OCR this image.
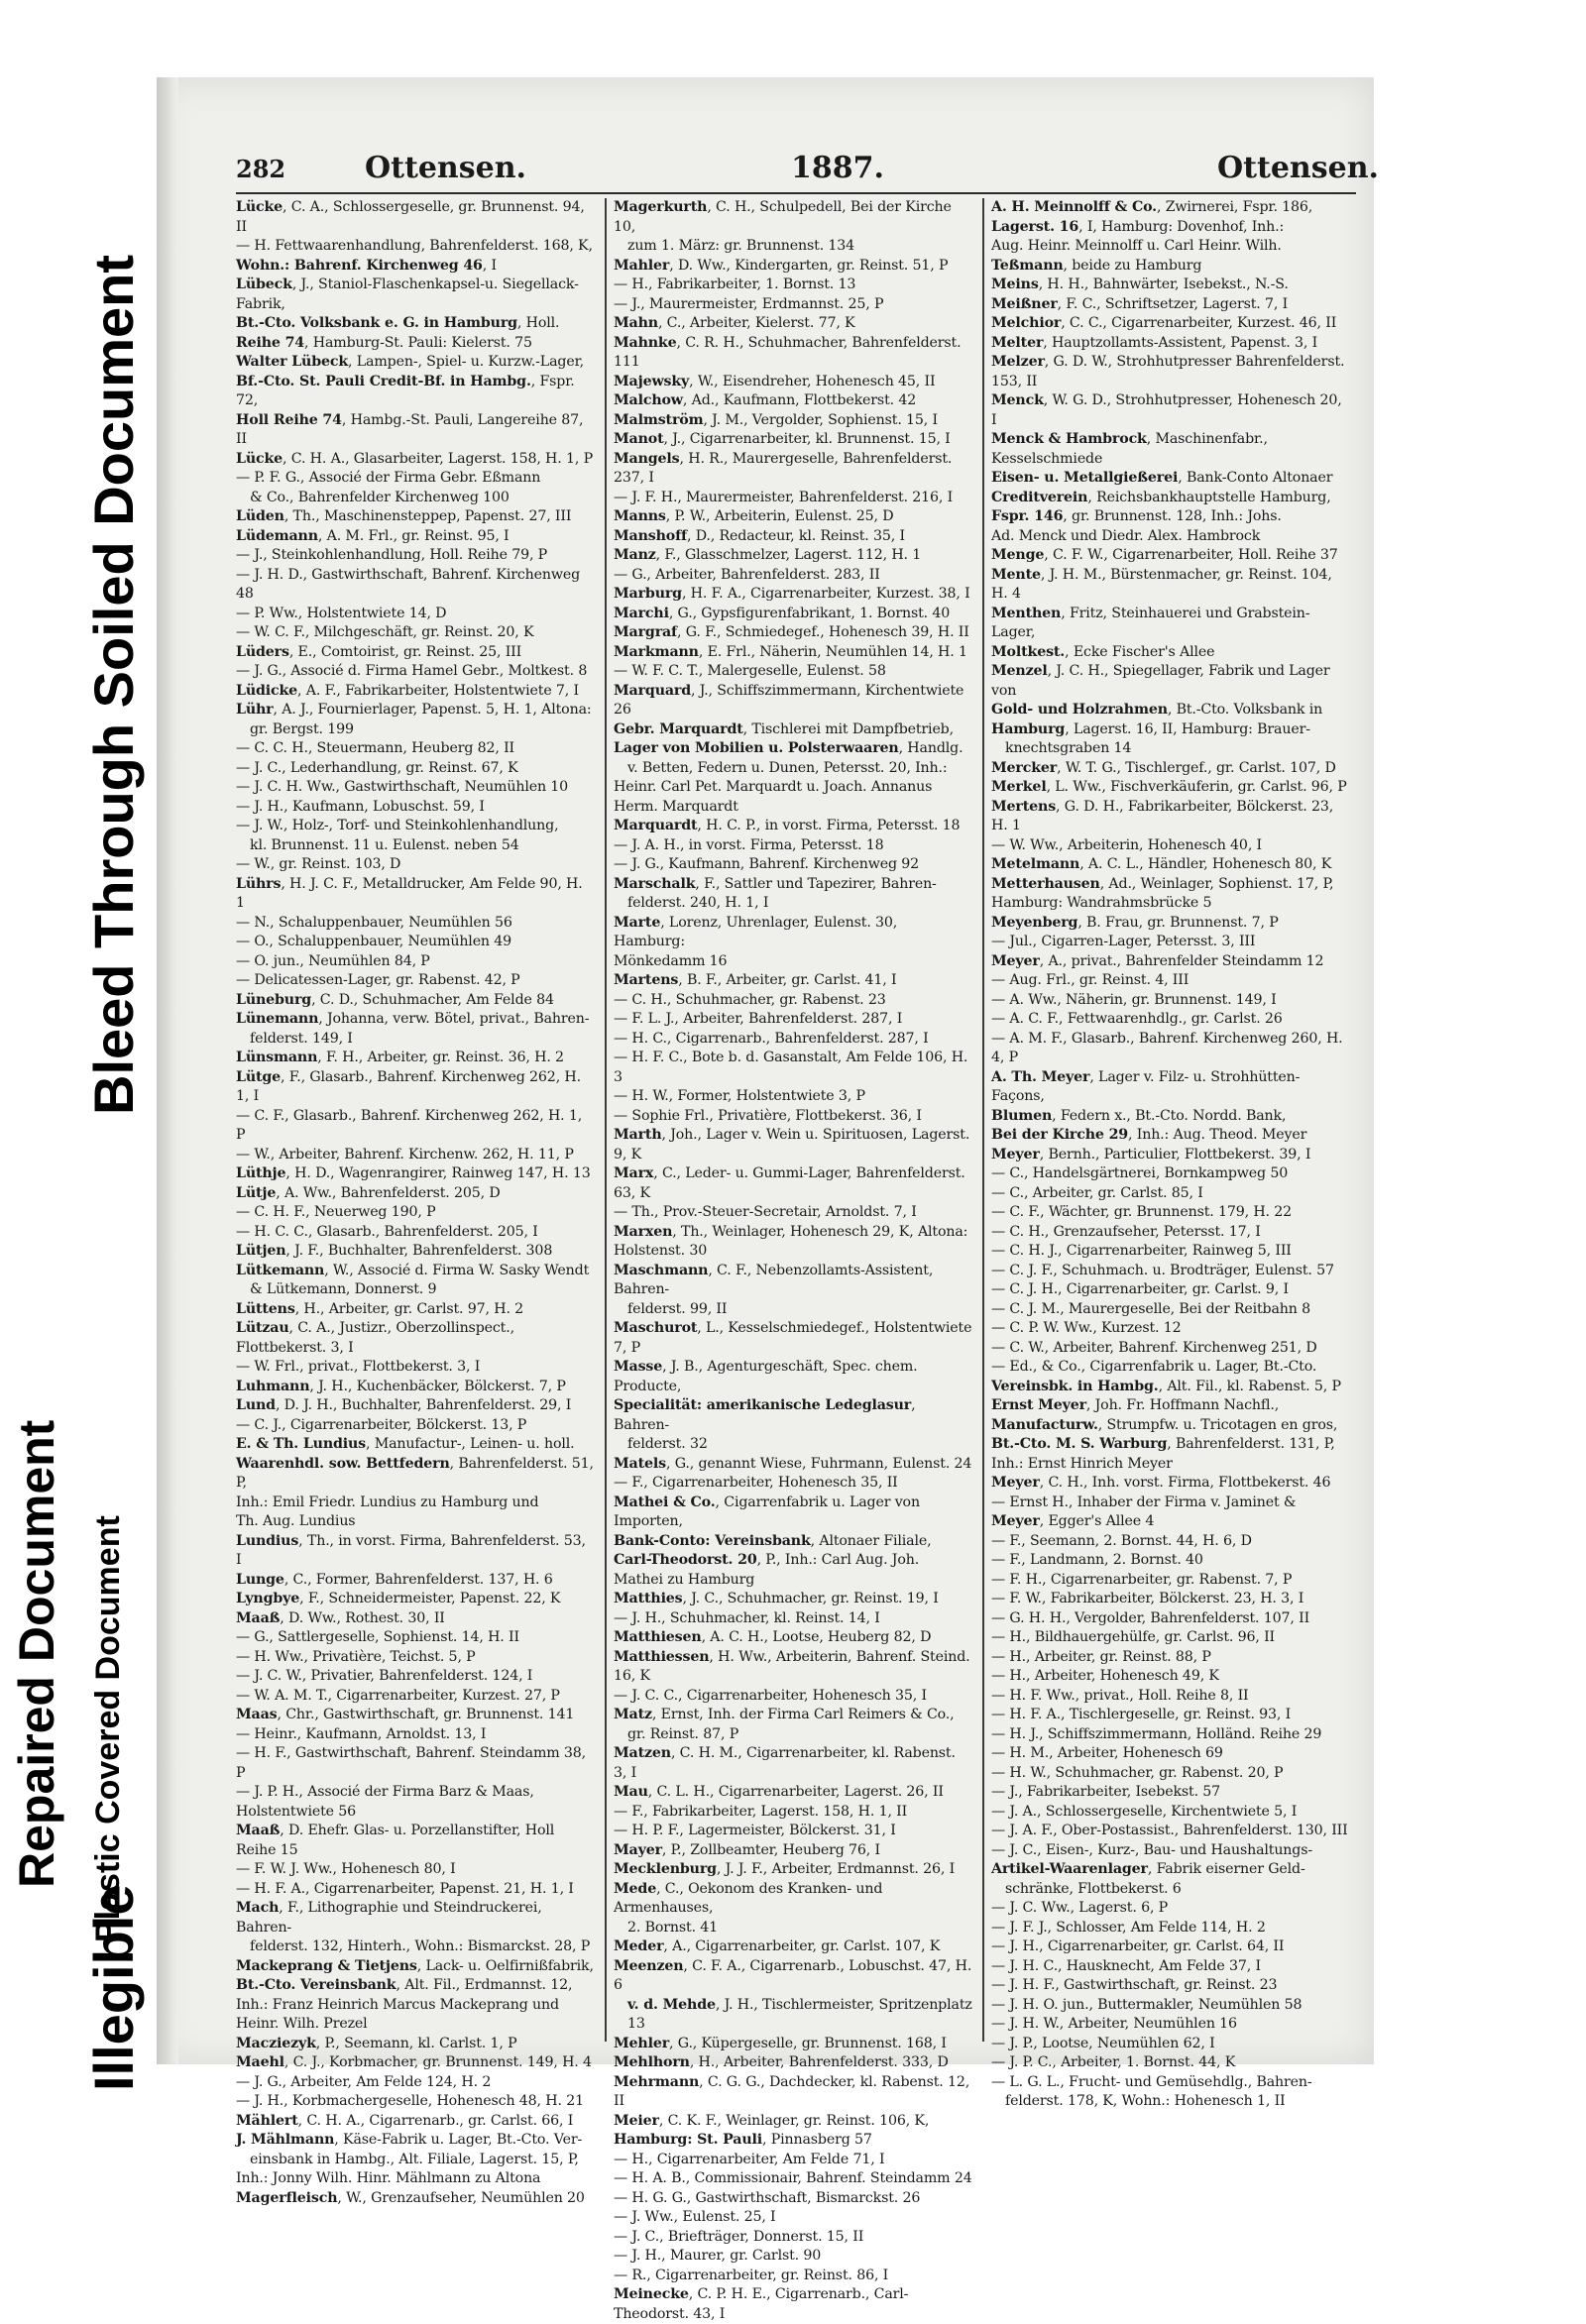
Repaired Document Plastic Covered Document
Illegible
Bleed Through Soiled Document
282	Ottensen.	1887.	Ottensen.

Lücke, C. A., Schlossergeselle, gr. Brunnenst. 94, II

— H. Fettwaarenhandlung, Bahrenfelderst. 168, K,

Wohn.: Bahrenf. Kirchenweg 46, I

Lübeck, J., Staniol-Flaschenkapsel-u. Siegellack-Fabrik,

Bt.-Cto. Volksbank e. G. in Hamburg, Holl.

Reihe 74, Hamburg-St. Pauli: Kielerst. 75

Walter Lübeck, Lampen-, Spiel- u. Kurzw.-Lager,

Bf.-Cto. St. Pauli Credit-Bf. in Hambg., Fspr. 72,

Holl Reihe 74, Hambg.-St. Pauli, Langereihe 87, II

Lücke, C. H. A., Glasarbeiter, Lagerst. 158, H. 1, P

— P. F. G., Associé der Firma Gebr. Eßmann

& Co., Bahrenfelder Kirchenweg 100

Lüden, Th., Maschinensteppер, Papenst. 27, III

Lüdemann, A. M. Frl., gr. Reinst. 95, I

— J., Steinkohlenhandlung, Holl. Reihe 79, P

— J. H. D., Gastwirthschaft, Bahrenf. Kirchenweg 48

— P. Ww., Holstentwiete 14, D

— W. C. F., Milchgeschäft, gr. Reinst. 20, K

Lüders, E., Comtoirist, gr. Reinst. 25, III

— J. G., Associé d. Firma Hamel Gebr., Moltkest. 8

Lüdicke, A. F., Fabrikarbeiter, Holstentwiete 7, I

Lühr, A. J., Fournierlager, Papenst. 5, H. 1, Altona:

gr. Bergst. 199

— C. C. H., Steuermann, Heuberg 82, II

— J. C., Lederhandlung, gr. Reinst. 67, K

— J. C. H. Ww., Gastwirthschaft, Neumühlen 10

— J. H., Kaufmann, Lobuschst. 59, I

— J. W., Holz-, Torf- und Steinkohlenhandlung,

kl. Brunnenst. 11 u. Eulenst. neben 54

— W., gr. Reinst. 103, D

Lührs, H. J. C. F., Metalldrucker, Am Felde 90, H. 1

— N., Schaluppenbauer, Neumühlen 56

— O., Schaluppenbauer, Neumühlen 49

— O. jun., Neumühlen 84, P

— Delicatessen-Lager, gr. Rabenst. 42, P

Lüneburg, C. D., Schuhmacher, Am Felde 84

Lünemann, Johanna, verw. Bötel, privat., Bahren-

felderst. 149, I

Lünsmann, F. H., Arbeiter, gr. Reinst. 36, H. 2

Lütge, F., Glasarb., Bahrenf. Kirchenweg 262, H. 1, I

— C. F., Glasarb., Bahrenf. Kirchenweg 262, H. 1, P

— W., Arbeiter, Bahrenf. Kirchenw. 262, H. 11, P

Lüthje, H. D., Wagenrangirer, Rainweg 147, H. 13

Lütje, A. Ww., Bahrenfelderst. 205, D

— C. H. F., Neuerweg 190, P

— H. C. C., Glasarb., Bahrenfelderst. 205, I

Lütjen, J. F., Buchhalter, Bahrenfelderst. 308

Lütkemann, W., Associé d. Firma W. Sasky Wendt

& Lütkemann, Donnerst. 9

Lüttens, H., Arbeiter, gr. Carlst. 97, H. 2

Lützau, C. A., Justizr., Oberzollinspect., Flottbekerst. 3, I

— W. Frl., privat., Flottbekerst. 3, I

Luhmann, J. H., Kuchenbäcker, Bölckerst. 7, P

Lund, D. J. H., Buchhalter, Bahrenfelderst. 29, I

— C. J., Cigarrenarbeiter, Bölckerst. 13, P

E. & Th. Lundius, Manufactur-, Leinen- u. holl.

Waarenhdl. sow. Bettfedern, Bahrenfelderst. 51, P,

Inh.: Emil Friedr. Lundius zu Hamburg und

Th. Aug. Lundius

Lundius, Th., in vorst. Firma, Bahrenfelderst. 53, I

Lunge, C., Former, Bahrenfelderst. 137, H. 6

Lyngbye, F., Schneidermeister, Papenst. 22, K

Maaß, D. Ww., Rothest. 30, II

— G., Sattlergeselle, Sophienst. 14, H. II

— H. Ww., Privatière, Teichst. 5, P

— J. C. W., Privatier, Bahrenfelderst. 124, I

— W. A. M. T., Cigarrenarbeiter, Kurzest. 27, P

Maas, Chr., Gastwirthschaft, gr. Brunnenst. 141

— Heinr., Kaufmann, Arnoldst. 13, I

— H. F., Gastwirthschaft, Bahrenf. Steindamm 38, P

— J. P. H., Associé der Firma Barz & Maas,

Holstentwiete 56

Maaß, D. Ehefr. Glas- u. Porzellanstifter, Holl Reihe 15

— F. W. J. Ww., Hohenesch 80, I

— H. F. A., Cigarrenarbeiter, Papenst. 21, H. 1, I

Mach, F., Lithographie und Steindruckerei, Bahren-

felderst. 132, Hinterh., Wohn.: Bismarckst. 28, P

Mackeprang & Tietjens, Lack- u. Oelfirnißfabrik,

Bt.-Cto. Vereinsbank, Alt. Fil., Erdmannst. 12,

Inh.: Franz Heinrich Marcus Mackeprang und

Heinr. Wilh. Prezel

Macziezyk, P., Seemann, kl. Carlst. 1, P

Maehl, C. J., Korbmacher, gr. Brunnenst. 149, H. 4

— J. G., Arbeiter, Am Felde 124, H. 2

— J. H., Korbmachergeselle, Hohenesch 48, H. 21

Mählert, C. H. A., Cigarrenarb., gr. Carlst. 66, I

J. Mählmann, Käse-Fabrik u. Lager, Bt.-Cto. Ver-

einsbank in Hambg., Alt. Filiale, Lagerst. 15, P,

Inh.: Jonny Wilh. Hinr. Mählmann zu Altona

Magerfleisch, W., Grenzaufseher, Neumühlen 20

Magerkurth, C. H., Schulpedell, Bei der Kirche 10,

zum 1. März: gr. Brunnenst. 134

Mahler, D. Ww., Kindergarten, gr. Reinst. 51, P

— H., Fabrikarbeiter, 1. Bornst. 13

— J., Maurermeister, Erdmannst. 25, P

Mahn, C., Arbeiter, Kielerst. 77, K

Mahnke, C. R. H., Schuhmacher, Bahrenfelderst. 111

Majewsky, W., Eisendreher, Hohenesch 45, II

Malchow, Ad., Kaufmann, Flottbekerst. 42

Malmström, J. M., Vergolder, Sophienst. 15, I

Manot, J., Cigarrenarbeiter, kl. Brunnenst. 15, I

Mangels, H. R., Maurergeselle, Bahrenfelderst. 237, I

— J. F. H., Maurermeister, Bahrenfelderst. 216, I

Manns, P. W., Arbeiterin, Eulenst. 25, D

Manshoff, D., Redacteur, kl. Reinst. 35, I

Manz, F., Glasschmelzer, Lagerst. 112, H. 1

— G., Arbeiter, Bahrenfelderst. 283, II

Marburg, H. F. A., Cigarrenarbeiter, Kurzest. 38, I

Marchi, G., Gypsfigurenfabrikant, 1. Bornst. 40

Margraf, G. F., Schmiedegef., Hohenesch 39, H. II

Markmann, E. Frl., Näherin, Neumühlen 14, H. 1

— W. F. C. T., Malergeselle, Eulenst. 58

Marquard, J., Schiffszimmermann, Kirchentwiete 26

Gebr. Marquardt, Tischlerei mit Dampfbetrieb,

Lager von Mobilien u. Polsterwaaren, Handlg.

v. Betten, Federn u. Dunen, Petersst. 20, Inh.:

Heinr. Carl Pet. Marquardt u. Joach. Annanus

Herm. Marquardt

Marquardt, H. C. P., in vorst. Firma, Petersst. 18

— J. A. H., in vorst. Firma, Petersst. 18

— J. G., Kaufmann, Bahrenf. Kirchenweg 92

Marschalk, F., Sattler und Tapezirer, Bahren-

felderst. 240, H. 1, I

Marte, Lorenz, Uhrenlager, Eulenst. 30, Hamburg:

Mönkedamm 16

Martens, B. F., Arbeiter, gr. Carlst. 41, I

— C. H., Schuhmacher, gr. Rabenst. 23

— F. L. J., Arbeiter, Bahrenfelderst. 287, I

— H. C., Cigarrenarb., Bahrenfelderst. 287, I

— H. F. C., Bote b. d. Gasanstalt, Am Felde 106, H. 3

— H. W., Former, Holstentwiete 3, P

— Sophie Frl., Privatière, Flottbekerst. 36, I

Marth, Joh., Lager v. Wein u. Spirituosen, Lagerst. 9, K

Marx, C., Leder- u. Gummi-Lager, Bahrenfelderst. 63, K

— Th., Prov.-Steuer-Secretair, Arnoldst. 7, I

Marxen, Th., Weinlager, Hohenesch 29, K, Altona:

Holstenst. 30

Maschmann, C. F., Nebenzollamts-Assistent, Bahren-

felderst. 99, II

Maschurot, L., Kesselschmiedegef., Holstentwiete 7, P

Masse, J. B., Agenturgeschäft, Spec. chem. Producte,

Specialität: amerikanische Ledeglasur, Bahren-

felderst. 32

Matels, G., genannt Wiese, Fuhrmann, Eulenst. 24

— F., Cigarrenarbeiter, Hohenesch 35, II

Mathei & Co., Cigarrenfabrik u. Lager von Importen,

Bank-Conto: Vereinsbank, Altonaer Filiale,

Carl-Theodorst. 20, P., Inh.: Carl Aug. Joh.

Mathei zu Hamburg

Matthies, J. C., Schuhmacher, gr. Reinst. 19, I

— J. H., Schuhmacher, kl. Reinst. 14, I

Matthiesen, A. C. H., Lootse, Heuberg 82, D

Matthiessen, H. Ww., Arbeiterin, Bahrenf. Steind. 16, K

— J. C. C., Cigarrenarbeiter, Hohenesch 35, I

Matz, Ernst, Inh. der Firma Carl Reimers & Co.,

gr. Reinst. 87, P

Matzen, C. H. M., Cigarrenarbeiter, kl. Rabenst. 3, I

Mau, C. L. H., Cigarrenarbeiter, Lagerst. 26, II

— F., Fabrikarbeiter, Lagerst. 158, H. 1, II

— H. P. F., Lagermeister, Bölckerst. 31, I

Mayer, P., Zollbeamter, Heuberg 76, I

Mecklenburg, J. J. F., Arbeiter, Erdmannst. 26, I

Mede, C., Oekonom des Kranken- und Armenhauses,

2. Bornst. 41

Meder, A., Cigarrenarbeiter, gr. Carlst. 107, K

Meenzen, C. F. A., Cigarrenarb., Lobuschst. 47, H. 6

v. d. Mehde, J. H., Tischlermeister, Spritzenplatz 13

Mehler, G., Küpergeselle, gr. Brunnenst. 168, I

Mehlhorn, H., Arbeiter, Bahrenfelderst. 333, D

Mehrmann, C. G. G., Dachdecker, kl. Rabenst. 12, II

Meier, C. K. F., Weinlager, gr. Reinst. 106, K,

Hamburg: St. Pauli, Pinnasberg 57

— H., Cigarrenarbeiter, Am Felde 71, I

— H. A. B., Commissionair, Bahrenf. Steindamm 24

— H. G. G., Gastwirthschaft, Bismarckst. 26

— J. Ww., Eulenst. 25, I

— J. C., Briefträger, Donnerst. 15, II

— J. H., Maurer, gr. Carlst. 90

— R., Cigarrenarbeiter, gr. Reinst. 86, I

Meinecke, C. P. H. E., Cigarrenarb., Carl-Theodorst. 43, I

A. H. Meinnolff & Co., Zwirnerei, Fspr. 186,

Lagerst. 16, I, Hamburg: Dovenhof, Inh.:

Aug. Heinr. Meinnolff u. Carl Heinr. Wilh.

Teßmann, beide zu Hamburg

Meins, H. H., Bahnwärter, Isebekst., N.-S.

Meißner, F. C., Schriftsetzer, Lagerst. 7, I

Melchior, C. C., Cigarrenarbeiter, Kurzest. 46, II

Melter, Hauptzollamts-Assistent, Papenst. 3, I

Melzer, G. D. W., Strohhutpresser Bahrenfelderst. 153, II

Menck, W. G. D., Strohhutpresser, Hohenesch 20, I

Menck & Hambrock, Maschinenfabr., Kesselschmiede

Eisen- u. Metallgießerei, Bank-Conto Altonaer

Creditverein, Reichsbankhauptstelle Hamburg,

Fspr. 146, gr. Brunnenst. 128, Inh.: Johs.

Ad. Menck und Diedr. Alex. Hambrock

Menge, C. F. W., Cigarrenarbeiter, Holl. Reihe 37

Mente, J. H. M., Bürstenmacher, gr. Reinst. 104, H. 4

Menthen, Fritz, Steinhauerei und Grabstein-Lager,

Moltkest., Ecke Fischer's Allee

Menzel, J. C. H., Spiegellager, Fabrik und Lager von

Gold- und Holzrahmen, Bt.-Cto. Volksbank in

Hamburg, Lagerst. 16, II, Hamburg: Brauer-

knechtsgraben 14

Mercker, W. T. G., Tischlergef., gr. Carlst. 107, D

Merkel, L. Ww., Fischverkäuferin, gr. Carlst. 96, P

Mertens, G. D. H., Fabrikarbeiter, Bölckerst. 23, H. 1

— W. Ww., Arbeiterin, Hohenesch 40, I

Metelmann, A. C. L., Händler, Hohenesch 80, K

Metterhausen, Ad., Weinlager, Sophienst. 17, P,

Hamburg: Wandrahmsbrücke 5

Meyenberg, B. Frau, gr. Brunnenst. 7, P

— Jul., Cigarren-Lager, Petersst. 3, III

Meyer, A., privat., Bahrenfelder Steindamm 12

— Aug. Frl., gr. Reinst. 4, III

— A. Ww., Näherin, gr. Brunnenst. 149, I

— A. C. F., Fettwaarenhdlg., gr. Carlst. 26

— A. M. F., Glasarb., Bahrenf. Kirchenweg 260, H. 4, P

A. Th. Meyer, Lager v. Filz- u. Strohhütten-Façons,

Blumen, Federn x., Bt.-Cto. Nordd. Bank,

Bei der Kirche 29, Inh.: Aug. Theod. Meyer

Meyer, Bernh., Particulier, Flottbekerst. 39, I

— C., Handelsgärtnerei, Bornkampweg 50

— C., Arbeiter, gr. Carlst. 85, I

— C. F., Wächter, gr. Brunnenst. 179, H. 22

— C. H., Grenzaufseher, Petersst. 17, I

— C. H. J., Cigarrenarbeiter, Rainweg 5, III

— C. J. F., Schuhmach. u. Brodträger, Eulenst. 57

— C. J. H., Cigarrenarbeiter, gr. Carlst. 9, I

— C. J. M., Maurergeselle, Bei der Reitbahn 8

— C. P. W. Ww., Kurzest. 12

— C. W., Arbeiter, Bahrenf. Kirchenweg 251, D

— Ed., & Co., Cigarrenfabrik u. Lager, Bt.-Cto.

Vereinsbk. in Hambg., Alt. Fil., kl. Rabenst. 5, P

Ernst Meyer, Joh. Fr. Hoffmann Nachfl.,

Manufacturw., Strumpfw. u. Tricotagen en gros,

Bt.-Cto. M. S. Warburg, Bahrenfelderst. 131, P,

Inh.: Ernst Hinrich Meyer

Meyer, C. H., Inh. vorst. Firma, Flottbekerst. 46

— Ernst H., Inhaber der Firma v. Jaminet &

Meyer, Egger's Allee 4

— F., Seemann, 2. Bornst. 44, H. 6, D

— F., Landmann, 2. Bornst. 40

— F. H., Cigarrenarbeiter, gr. Rabenst. 7, P

— F. W., Fabrikarbeiter, Bölckerst. 23, H. 3, I

— G. H. H., Vergolder, Bahrenfelderst. 107, II

— H., Bildhauergehülfe, gr. Carlst. 96, II

— H., Arbeiter, gr. Reinst. 88, P

— H., Arbeiter, Hohenesch 49, K

— H. F. Ww., privat., Holl. Reihe 8, II

— H. F. A., Tischlergeselle, gr. Reinst. 93, I

— H. J., Schiffszimmermann, Holländ. Reihe 29

— H. M., Arbeiter, Hohenesch 69

— H. W., Schuhmacher, gr. Rabenst. 20, P

— J., Fabrikarbeiter, Isebekst. 57

— J. A., Schlossergeselle, Kirchentwiete 5, I

— J. A. F., Ober-Postassist., Bahrenfelderst. 130, III

— J. C., Eisen-, Kurz-, Bau- und Haushaltungs-

Artikel-Waarenlager, Fabrik eiserner Geld-

schränke, Flottbekerst. 6

— J. C. Ww., Lagerst. 6, P

— J. F. J., Schlosser, Am Felde 114, H. 2

— J. H., Cigarrenarbeiter, gr. Carlst. 64, II

— J. H. C., Hausknecht, Am Felde 37, I

— J. H. F., Gastwirthschaft, gr. Reinst. 23

— J. H. O. jun., Buttermakler, Neumühlen 58

— J. H. W., Arbeiter, Neumühlen 16

— J. P., Lootse, Neumühlen 62, I

— J. P. C., Arbeiter, 1. Bornst. 44, K

— L. G. L., Frucht- und Gemüsehdlg., Bahren-

felderst. 178, K, Wohn.: Hohenesch 1, II
